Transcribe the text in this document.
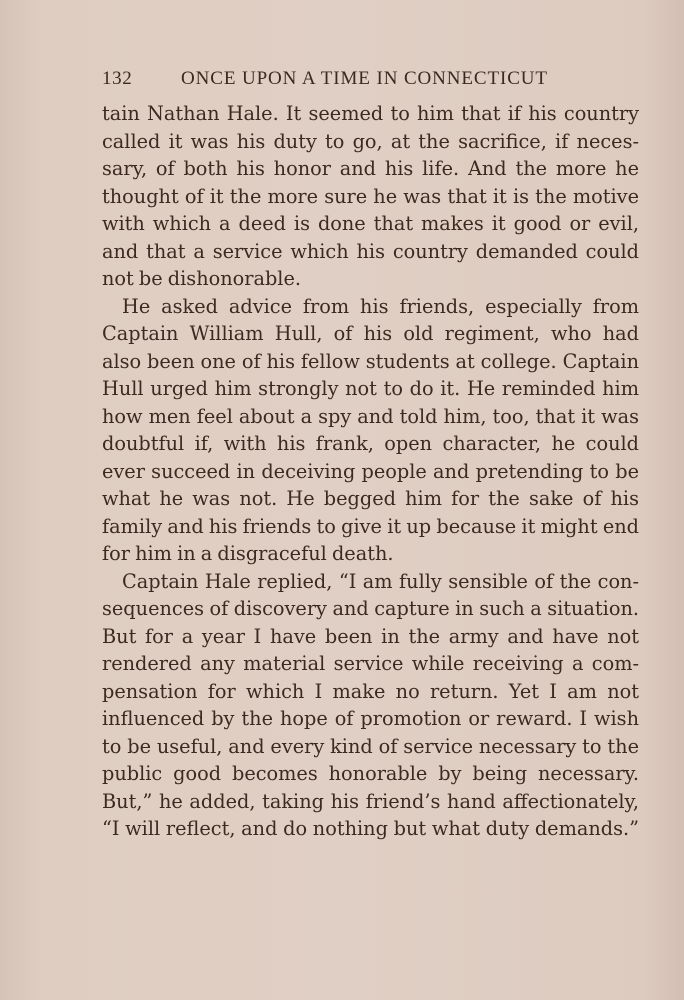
132	ONCE UPON A TIME IN CONNECTICUT
tain Nathan Hale. It seemed to him that if his country
called it was his duty to go, at the sacrifice, if neces-
sary, of both his honor and his life. And the more he
thought of it the more sure he was that it is the motive
with which a deed is done that makes it good or evil,
and that a service which his country demanded could
not be dishonorable.
He asked advice from his friends, especially from
Captain William Hull, of his old regiment, who had
also been one of his fellow students at college. Captain
Hull urged him strongly not to do it. He reminded him
how men feel about a spy and told him, too, that it was
doubtful if, with his frank, open character, he could
ever succeed in deceiving people and pretending to be
what he was not. He begged him for the sake of his
family and his friends to give it up because it might end
for him in a disgraceful death.
Captain Hale replied, “I am fully sensible of the con-
sequences of discovery and capture in such a situation.
But for a year I have been in the army and have not
rendered any material service while receiving a com-
pensation for which I make no return. Yet I am not
influenced by the hope of promotion or reward. I wish
to be useful, and every kind of service necessary to the
public good becomes honorable by being necessary.
But,” he added, taking his friend’s hand affectionately,
“I will reflect, and do nothing but what duty demands.”
